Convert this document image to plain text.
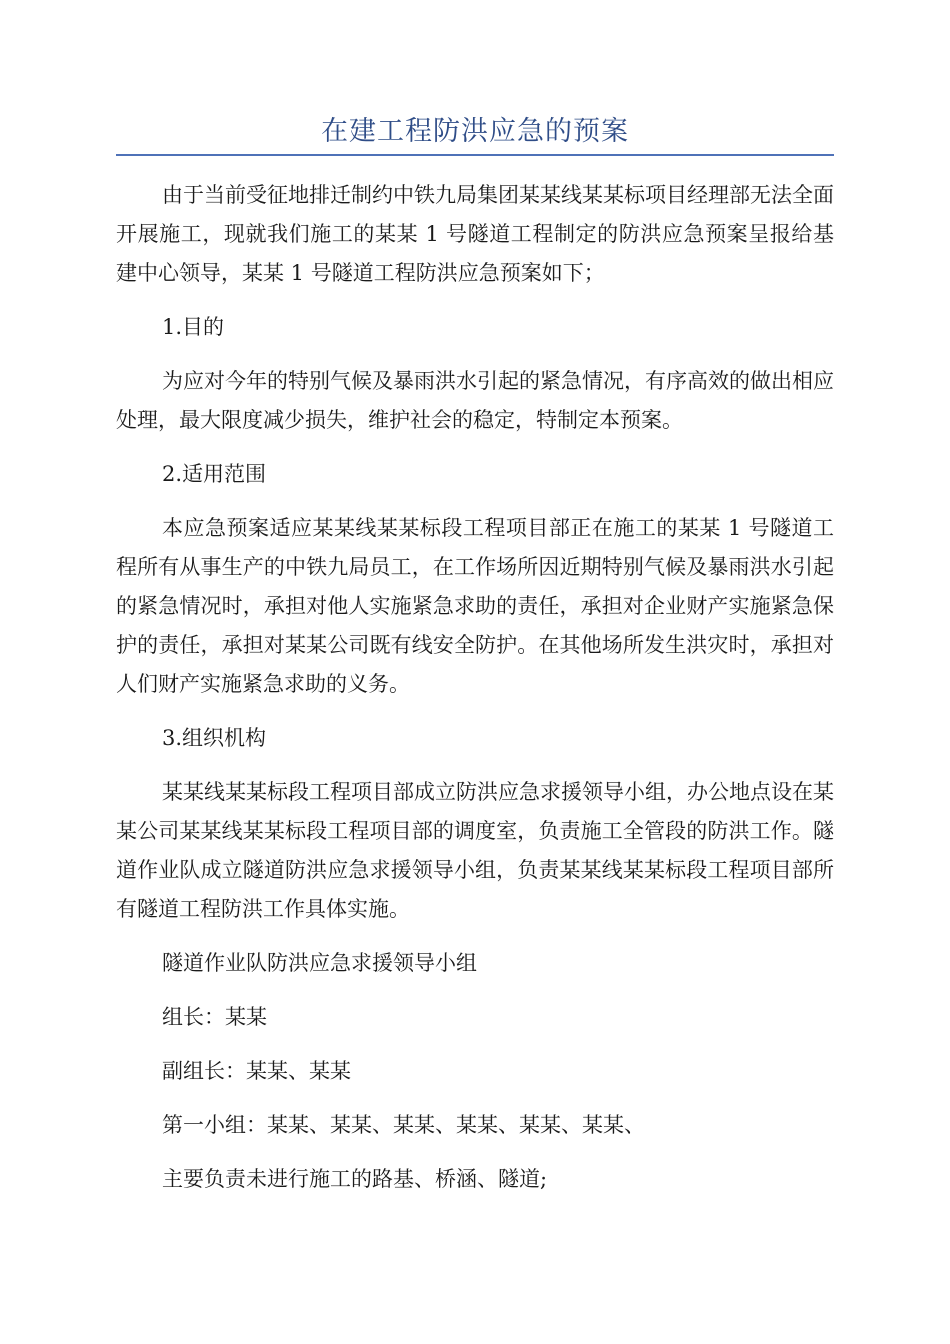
在建工程防洪应急的预案

由于当前受征地排迁制约中铁九局集团某某线某某标项目经理部无法全面开展施工，现就我们施工的某某 1 号隧道工程制定的防洪应急预案呈报给基建中心领导，某某 1 号隧道工程防洪应急预案如下；

1.目的

为应对今年的特别气候及暴雨洪水引起的紧急情况，有序高效的做出相应处理，最大限度减少损失，维护社会的稳定，特制定本预案。

2.适用范围

本应急预案适应某某线某某标段工程项目部正在施工的某某 1 号隧道工程所有从事生产的中铁九局员工，在工作场所因近期特别气候及暴雨洪水引起的紧急情况时，承担对他人实施紧急求助的责任，承担对企业财产实施紧急保护的责任，承担对某某公司既有线安全防护。在其他场所发生洪灾时，承担对人们财产实施紧急求助的义务。

3.组织机构

某某线某某标段工程项目部成立防洪应急求援领导小组，办公地点设在某某公司某某线某某标段工程项目部的调度室，负责施工全管段的防洪工作。隧道作业队成立隧道防洪应急求援领导小组，负责某某线某某标段工程项目部所有隧道工程防洪工作具体实施。

隧道作业队防洪应急求援领导小组

组长：某某

副组长：某某、某某

第一小组：某某、某某、某某、某某、某某、某某、

主要负责未进行施工的路基、桥涵、隧道;
